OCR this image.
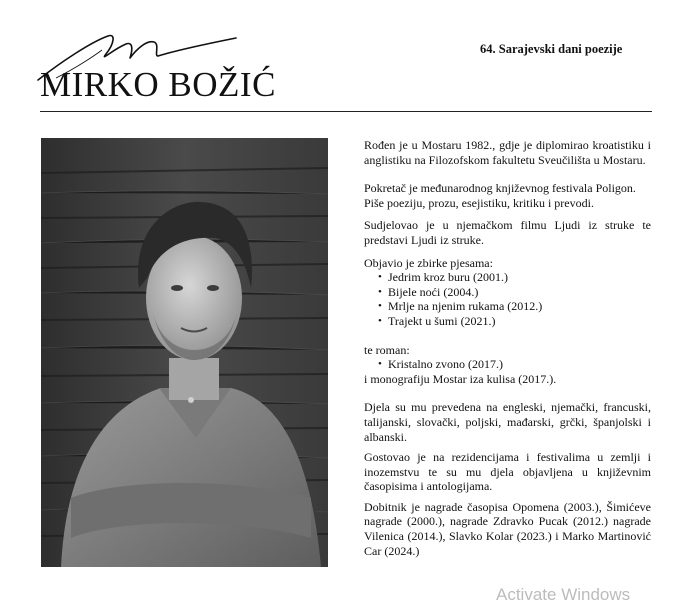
MIRKO BOŽIĆ
64. Sarajevski dani poezije

Rođen je u Mostaru 1982., gdje je diplomirao kroatistiku i anglistiku na Filozofskom fakultetu Sveučilišta u Mostaru.

Pokretač je međunarodnog književnog festivala Poligon.

Piše poeziju, prozu, esejistiku, kritiku i prevodi.

Sudjelovao je u njemačkom filmu Ljudi iz struke te predstavi Ljudi iz struke.

Objavio je zbirke pjesama:

• Jedrim kroz buru (2001.)
• Bijele noći (2004.)
• Mrlje na njenim rukama (2012.)
• Trajekt u šumi (2021.)

te roman:

• Kristalno zvono (2017.)

i monografiju Mostar iza kulisa (2017.).

Djela su mu prevedena na engleski, njemački, francuski, talijanski, slovački, poljski, mađarski, grčki, španjolski i albanski.

Gostovao je na rezidencijama i festivalima u zemlji i inozemstvu te su mu djela objavljena u književnim časopisima i antologijama.

Dobitnik je nagrade časopisa Opomena (2003.), Šimićeve nagrade (2000.), nagrade Zdravko Pucak (2012.) nagrade Vilenica (2014.), Slavko Kolar (2023.) i Marko Martinović Car (2024.)

Activate Windows
